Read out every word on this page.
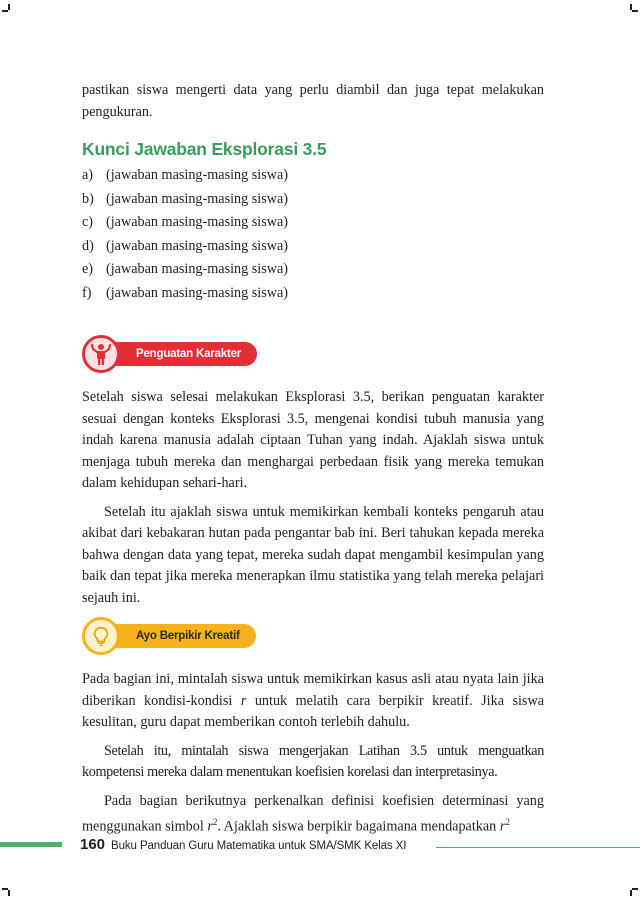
pastikan siswa mengerti data yang perlu diambil dan juga tepat melakukan pengukuran.

Kunci Jawaban Eksplorasi 3.5
a) (jawaban masing-masing siswa)
b) (jawaban masing-masing siswa)
c) (jawaban masing-masing siswa)
d) (jawaban masing-masing siswa)
e) (jawaban masing-masing siswa)
f)	(jawaban masing-masing siswa)
Penguatan Karakter

Setelah siswa selesai melakukan Eksplorasi 3.5, berikan penguatan karakter sesuai dengan konteks Eksplorasi 3.5, mengenai kondisi tubuh manusia yang indah karena manusia adalah ciptaan Tuhan yang indah. Ajaklah siswa untuk menjaga tubuh mereka dan menghargai perbedaan fisik yang mereka temukan dalam kehidupan sehari-hari.

Setelah itu ajaklah siswa untuk memikirkan kembali konteks pengaruh atau akibat dari kebakaran hutan pada pengantar bab ini. Beri tahukan kepada mereka bahwa dengan data yang tepat, mereka sudah dapat mengambil kesimpulan yang baik dan tepat jika mereka menerapkan ilmu statistika yang telah mereka pelajari sejauh ini.

Ayo Berpikir Kreatif

Pada bagian ini, mintalah siswa untuk memikirkan kasus asli atau nyata lain jika diberikan kondisi-kondisi r untuk melatih cara berpikir kreatif. Jika siswa kesulitan, guru dapat memberikan contoh terlebih dahulu.

Setelah itu, mintalah siswa mengerjakan Latihan 3.5 untuk menguatkan kompetensi mereka dalam menentukan koefisien korelasi dan interpretasinya.

Pada bagian berikutnya perkenalkan definisi koefisien determinasi yang menggunakan simbol $r^2$. Ajaklah siswa berpikir bagaimana mendapatkan $r^2$

160 Buku Panduan Guru Matematika untuk SMA/SMK Kelas XI
